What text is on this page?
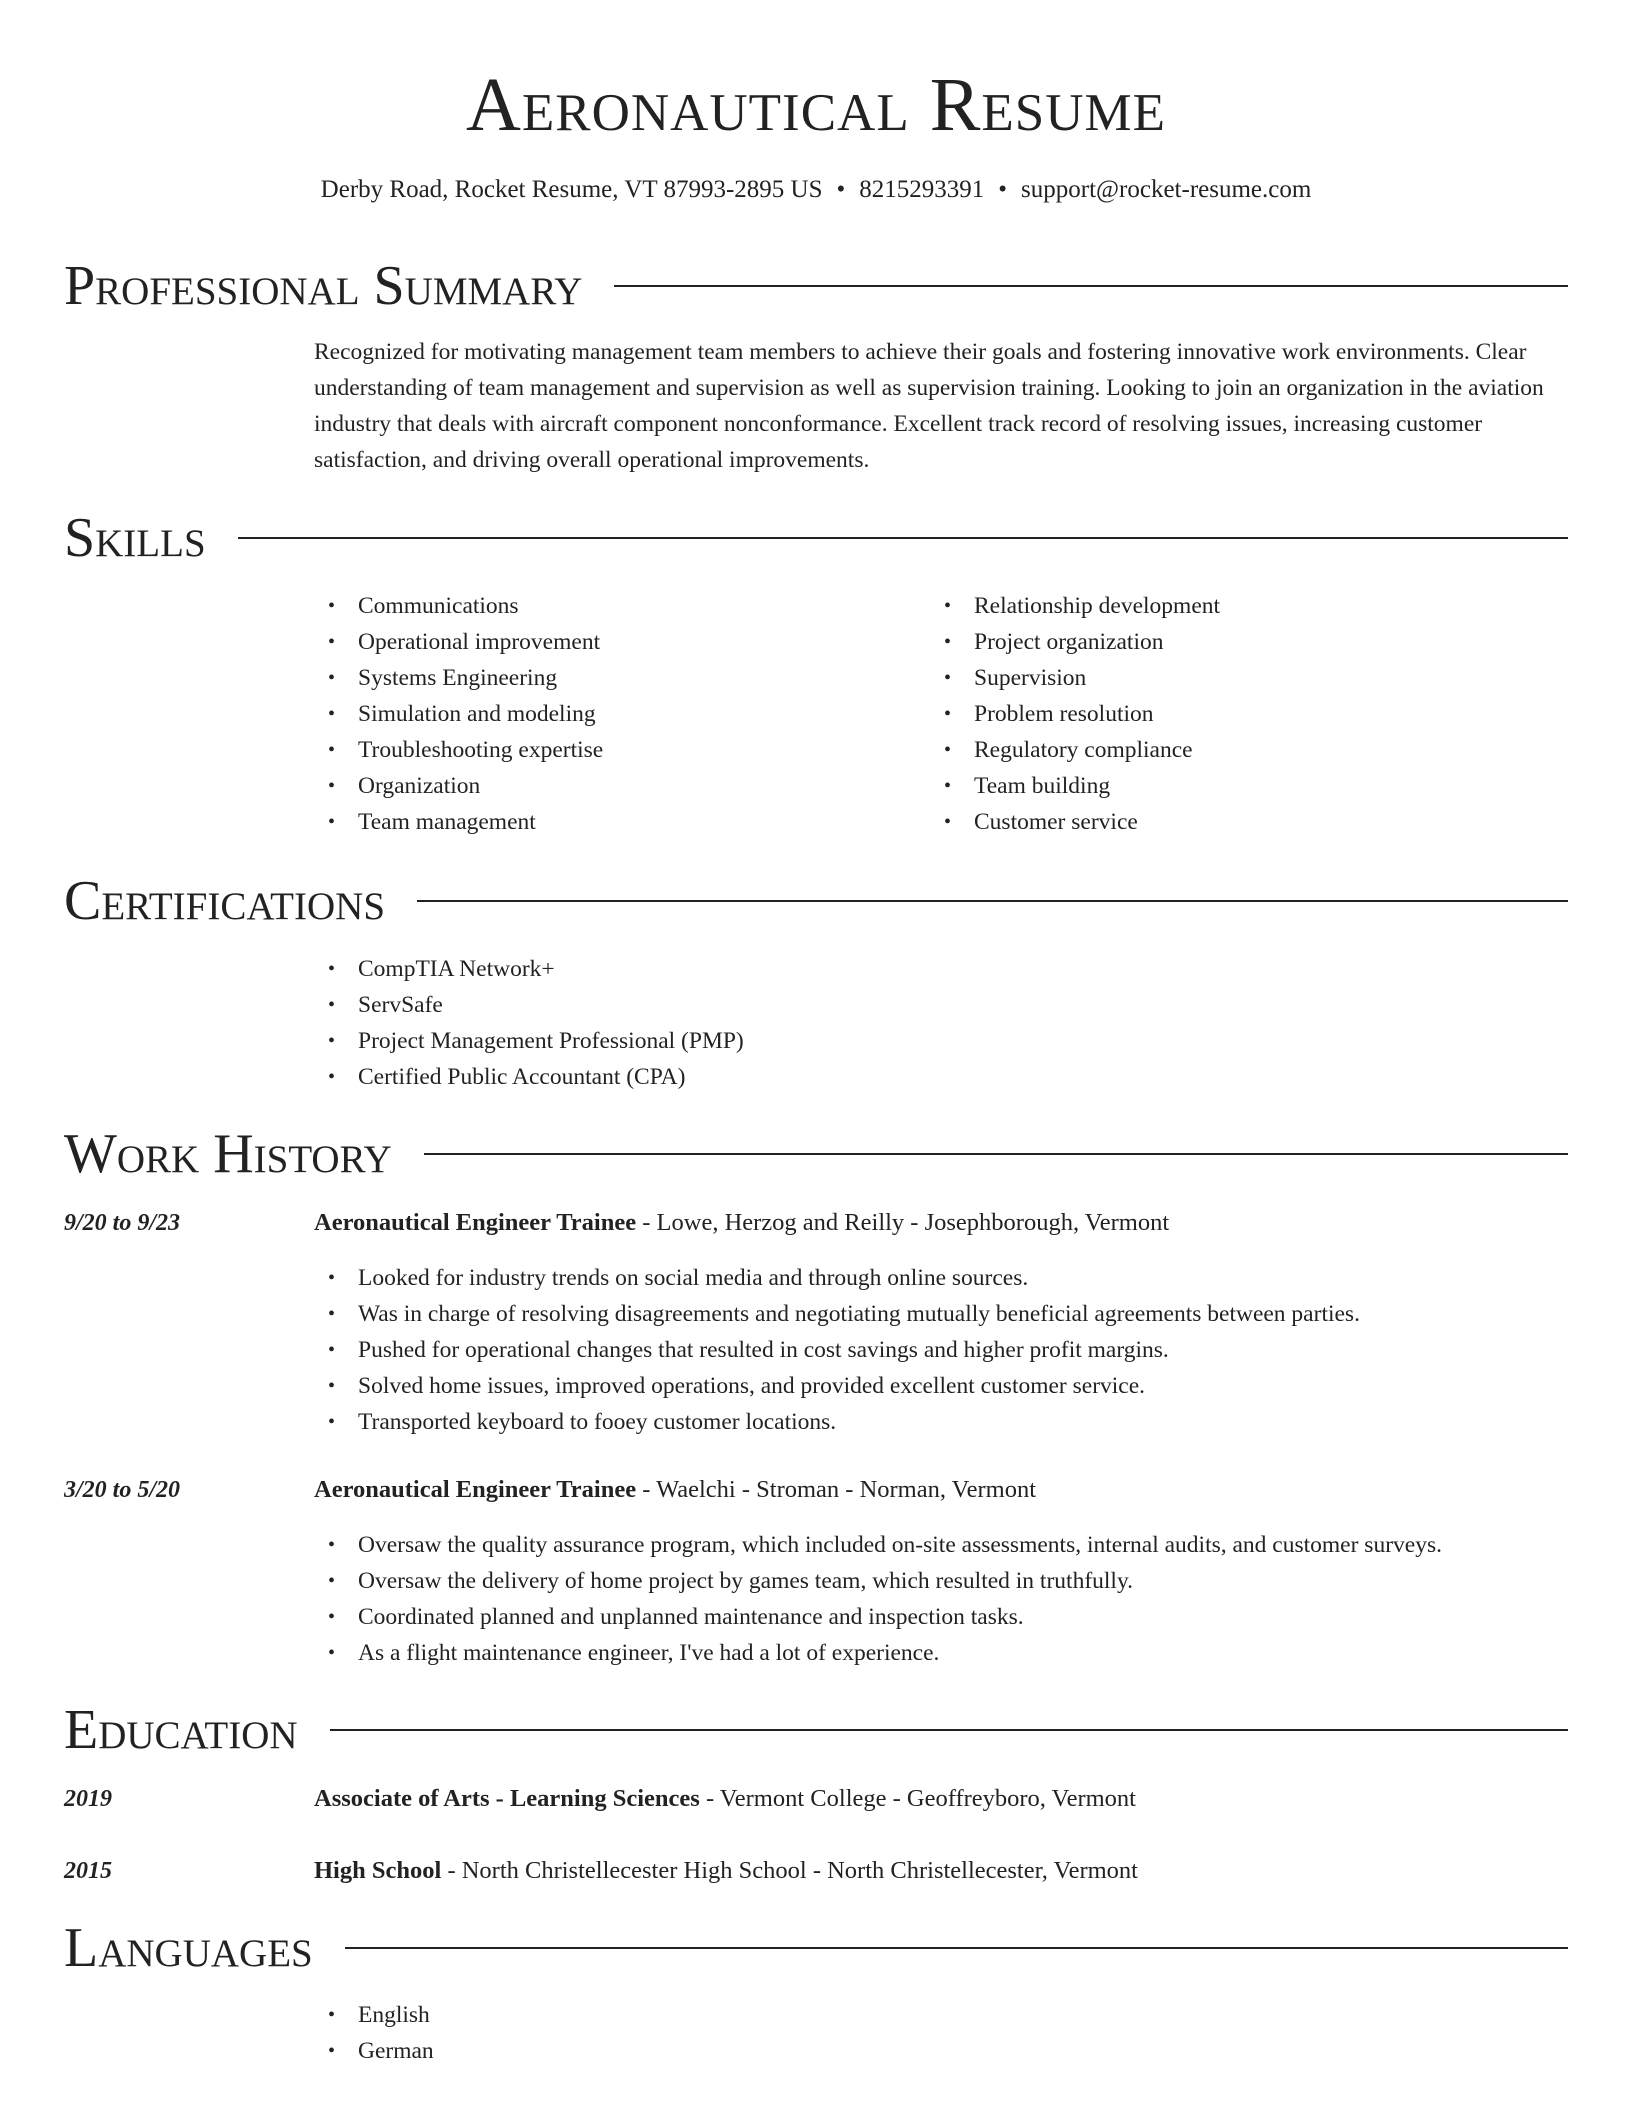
Aeronautical Resume
Derby Road, Rocket Resume, VT 87993-2895 US • 8215293391 • support@rocket-resume.com
Professional Summary
Recognized for motivating management team members to achieve their goals and fostering innovative work environments. Clear understanding of team management and supervision as well as supervision training. Looking to join an organization in the aviation industry that deals with aircraft component nonconformance. Excellent track record of resolving issues, increasing customer satisfaction, and driving overall operational improvements.
Skills
• Communications
• Operational improvement
• Systems Engineering
• Simulation and modeling
• Troubleshooting expertise
• Organization
• Team management
• Relationship development
• Project organization
• Supervision
• Problem resolution
• Regulatory compliance
• Team building
• Customer service
Certifications
• CompTIA Network+
• ServSafe
• Project Management Professional (PMP)
• Certified Public Accountant (CPA)
Work History
9/20 to 9/23	Aeronautical Engineer Trainee - Lowe, Herzog and Reilly - Josephborough, Vermont
• Looked for industry trends on social media and through online sources.
• Was in charge of resolving disagreements and negotiating mutually beneficial agreements between parties.
• Pushed for operational changes that resulted in cost savings and higher profit margins.
• Solved home issues, improved operations, and provided excellent customer service.
• Transported keyboard to fooey customer locations.
3/20 to 5/20	Aeronautical Engineer Trainee - Waelchi - Stroman - Norman, Vermont
• Oversaw the quality assurance program, which included on-site assessments, internal audits, and customer surveys.
• Oversaw the delivery of home project by games team, which resulted in truthfully.
• Coordinated planned and unplanned maintenance and inspection tasks.
• As a flight maintenance engineer, I've had a lot of experience.
Education
2019	Associate of Arts - Learning Sciences - Vermont College - Geoffreyboro, Vermont
2015	High School - North Christellecester High School - North Christellecester, Vermont
Languages
• English
• German
